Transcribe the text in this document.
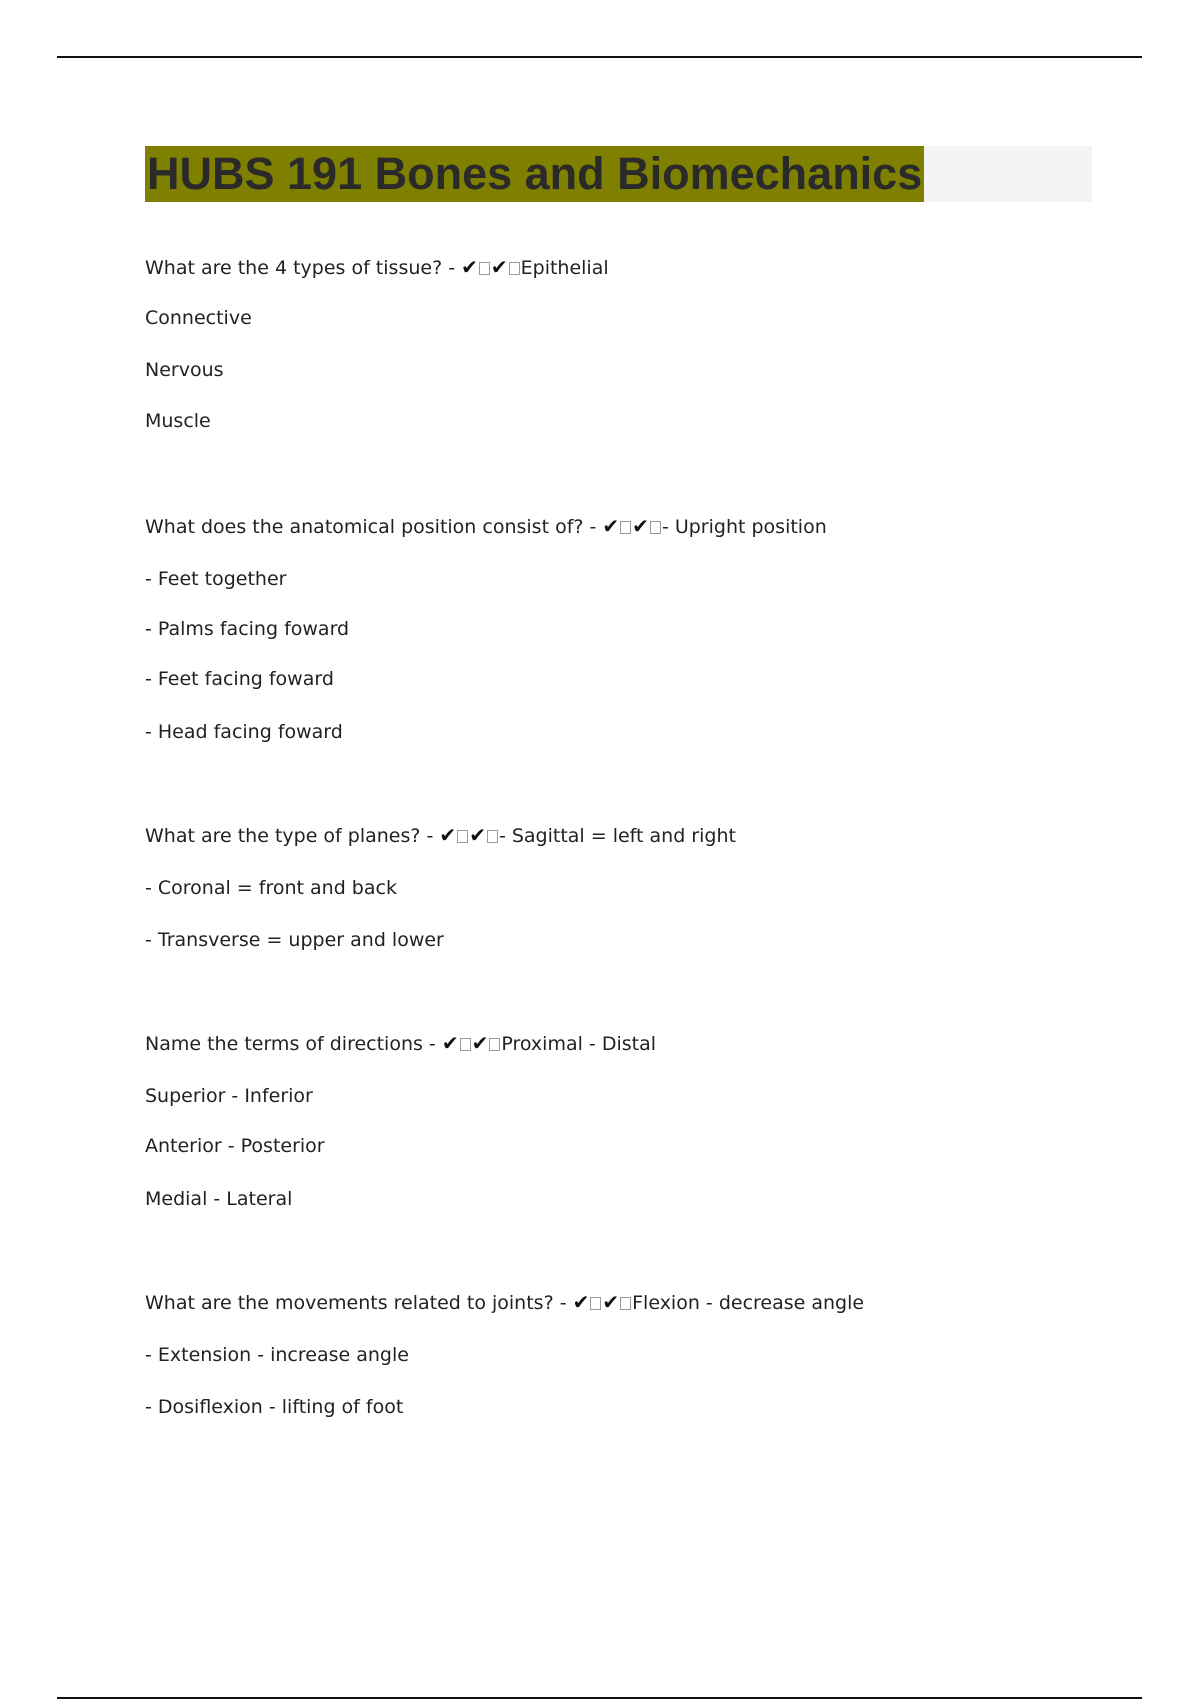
HUBS 191 Bones and Biomechanics
What are the 4 types of tissue? - ✔ ✔ Epithelial
Connective
Nervous
Muscle
What does the anatomical position consist of? - ✔ ✔ - Upright position
- Feet together
- Palms facing foward
- Feet facing foward
- Head facing foward
What are the type of planes? - ✔ ✔ - Sagittal = left and right
- Coronal = front and back
- Transverse = upper and lower
Name the terms of directions - ✔ ✔ Proximal - Distal
Superior - Inferior
Anterior - Posterior
Medial - Lateral
What are the movements related to joints? - ✔ ✔ Flexion - decrease angle
- Extension - increase angle
- Dosiflexion - lifting of foot
